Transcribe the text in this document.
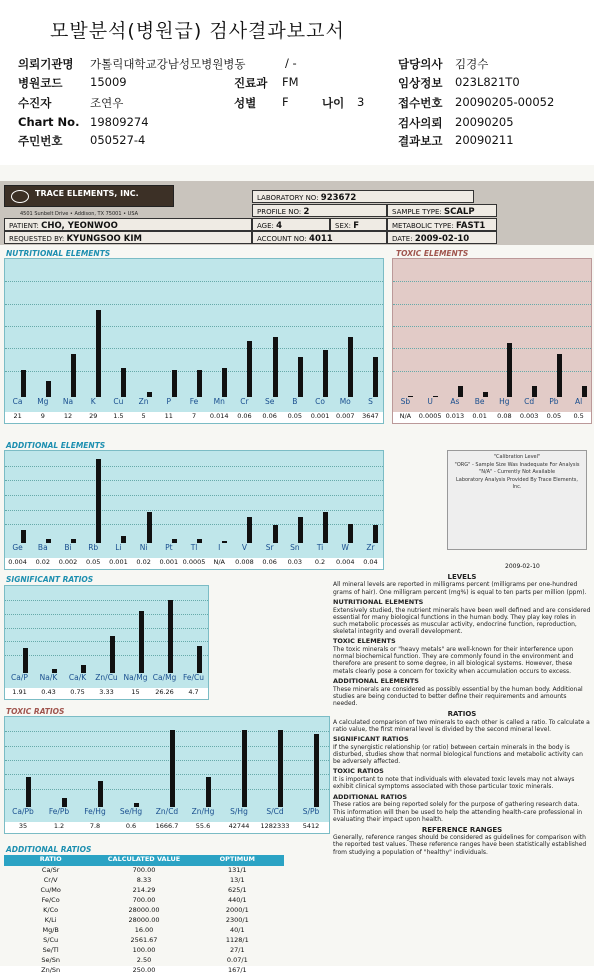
모발분석(병원급) 검사결과보고서
의뢰기관명 가톨릭대학교강남성모병원병동	/ -	담당의사 김경수
병원코드 15009	진료과 FM	임상정보 023L821T0
수진자	조연우	성별 F	나이 3	접수번호 20090205-00052
Chart No. 19809274	검사의뢰 20090205
주민번호 050527-4	결과보고 20090211
TRACE ELEMENTS, INC.
4501 Sunbelt Drive • Addison, TX 75001 • USA
LABORATORY NO: 923672
PROFILE NO: 2	SAMPLE TYPE: SCALP
PATIENT: CHO, YEONWOO	AGE: 4	SEX: F	METABOLIC TYPE: FAST1
REQUESTED BY: KYUNGSOO KIM	ACCOUNT NO: 4011	DATE: 2009-02-10
NUTRITIONAL ELEMENTS
Ca	Mg	Na	K	Cu	Zn	P	Fe	Mn	Cr	Se	B	Co	Mo	S
21	9	12	29	1.5	5	11	7	0.014	0.06	0.06	0.05	0.001	0.007	3647
TOXIC ELEMENTS
Sb	U	As	Be	Hg	Cd	Pb	Al
N/A	0.0005 0.013	0.01	0.08	0.003	0.05	0.5
ADDITIONAL ELEMENTS
Ge	Ba	Bi	Rb	Li	Ni	Pt	Tl	I	V	Sr	Sn	Ti	W	Zr
0.004	0.02	0.002	0.05	0.001	0.02	0.001 0.0005	N/A	0.008	0.06	0.03	0.2	0.004	0.04
2009-02-10
"Calibration Level"
"ORG" - Sample Size Was Inadequate For Analysis
"N/A" - Currently Not Available
Laboratory Analysis Provided By Trace Elements, Inc.
SIGNIFICANT RATIOS
Ca/P	Na/K	Ca/K	Zn/Cu Na/Mg Ca/Mg Fe/Cu
1.91	0.43	0.75	3.33	15	26.26	4.7
TOXIC RATIOS
Ca/Pb	Fe/Pb	Fe/Hg	Se/Hg	Zn/Cd	Zn/Hg	S/Hg	S/Cd	S/Pb
35	1.2	7.8	0.6	1666.7	55.6	42744	1282333	5412
ADDITIONAL RATIOS
RATIO	CALCULATED VALUE	OPTIMUM
Ca/Sr	700.00	131/1
Cr/V	8.33	13/1
Cu/Mo	214.29	625/1
Fe/Co	700.00	440/1
K/Co	28000.00	2000/1
K/Li	28000.00	2300/1
Mg/B	16.00	40/1
S/Cu	2561.67	1128/1
Se/Tl	100.00	27/1
Se/Sn	2.50	0.07/1
Zn/Sn	250.00	167/1
LEVELS

All mineral levels are reported in milligrams percent (milligrams per one-hundred grams of hair). One milligram percent (mg%) is equal to ten parts per million (ppm).

NUTRITIONAL ELEMENTS

Extensively studied, the nutrient minerals have been well defined and are considered essential for many biological functions in the human body. They play key roles in such metabolic processes as muscular activity, endocrine function, reproduction, skeletal integrity and overall development.

TOXIC ELEMENTS

The toxic minerals or "heavy metals" are well-known for their interference upon normal biochemical function. They are commonly found in the environment and therefore are present to some degree, in all biological systems. However, these metals clearly pose a concern for toxicity when accumulation occurs to excess.

ADDITIONAL ELEMENTS

These minerals are considered as possibly essential by the human body. Additional studies are being conducted to better define their requirements and amounts needed.

RATIOS

A calculated comparison of two minerals to each other is called a ratio. To calculate a ratio value, the first mineral level is divided by the second mineral level.

SIGNIFICANT RATIOS

If the synergistic relationship (or ratio) between certain minerals in the body is disturbed, studies show that normal biological functions and metabolic activity can be adversely affected.

TOXIC RATIOS

It is important to note that individuals with elevated toxic levels may not always exhibit clinical symptoms associated with those particular toxic minerals.

ADDITIONAL RATIOS

These ratios are being reported solely for the purpose of gathering research data. This information will then be used to help the attending health-care professional in evaluating their impact upon health.

REFERENCE RANGES

Generally, reference ranges should be considered as guidelines for comparison with the reported test values. These reference ranges have been statistically established from studying a population of "healthy" individuals.
